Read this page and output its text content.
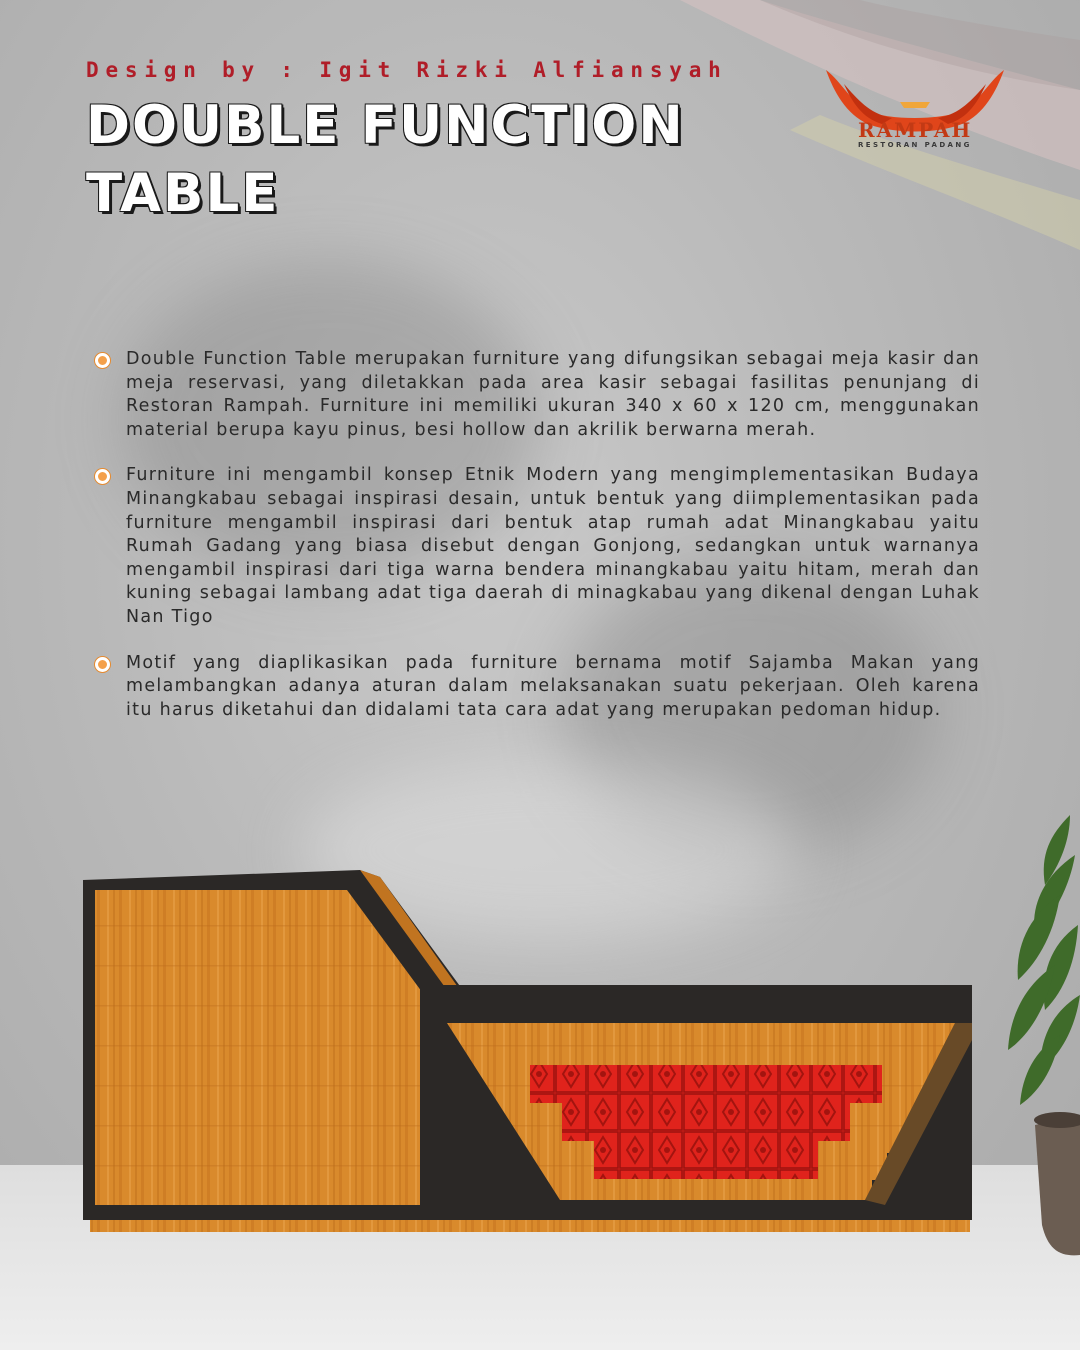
Design by : Igit Rizki Alfiansyah
DOUBLE FUNCTION
TABLE
RAMPAH
RESTORAN PADANG
Double Function Table merupakan furniture yang difungsikan sebagai meja kasir dan meja reservasi, yang diletakkan pada area kasir sebagai fasilitas penunjang di Restoran Rampah. Furniture ini memiliki ukuran 340 x 60 x 120 cm, menggunakan material berupa kayu pinus, besi hollow dan akrilik berwarna merah.
Furniture ini mengambil konsep Etnik Modern yang mengimplementasikan Budaya Minangkabau sebagai inspirasi desain, untuk bentuk yang diimplementasikan pada furniture mengambil inspirasi dari bentuk atap rumah adat Minangkabau yaitu Rumah Gadang yang biasa disebut dengan Gonjong, sedangkan untuk warnanya mengambil inspirasi dari tiga warna bendera minangkabau yaitu hitam, merah dan kuning sebagai lambang adat tiga daerah di minagkabau yang dikenal dengan Luhak Nan Tigo
Motif yang diaplikasikan pada furniture bernama motif Sajamba Makan yang melambangkan adanya aturan dalam melaksanakan suatu pekerjaan. Oleh karena itu harus diketahui dan didalami tata cara adat yang merupakan pedoman hidup.
